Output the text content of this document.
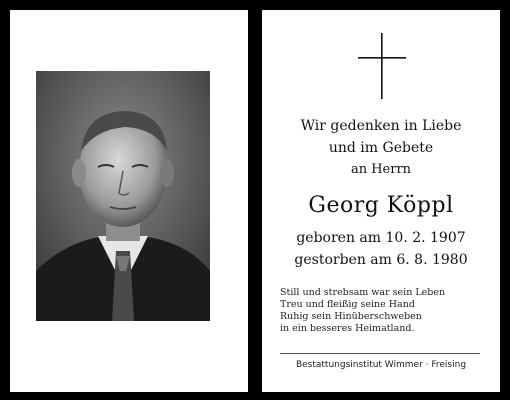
Wir gedenken in Liebe
und im Gebete
an Herrn
Georg Köppl
geboren am 10. 2. 1907
gestorben am 6. 8. 1980
Still und strebsam war sein Leben
Treu und fleißig seine Hand
Ruhig sein Hinüberschweben
in ein besseres Heimatland.
Bestattungsinstitut Wimmer · Freising
